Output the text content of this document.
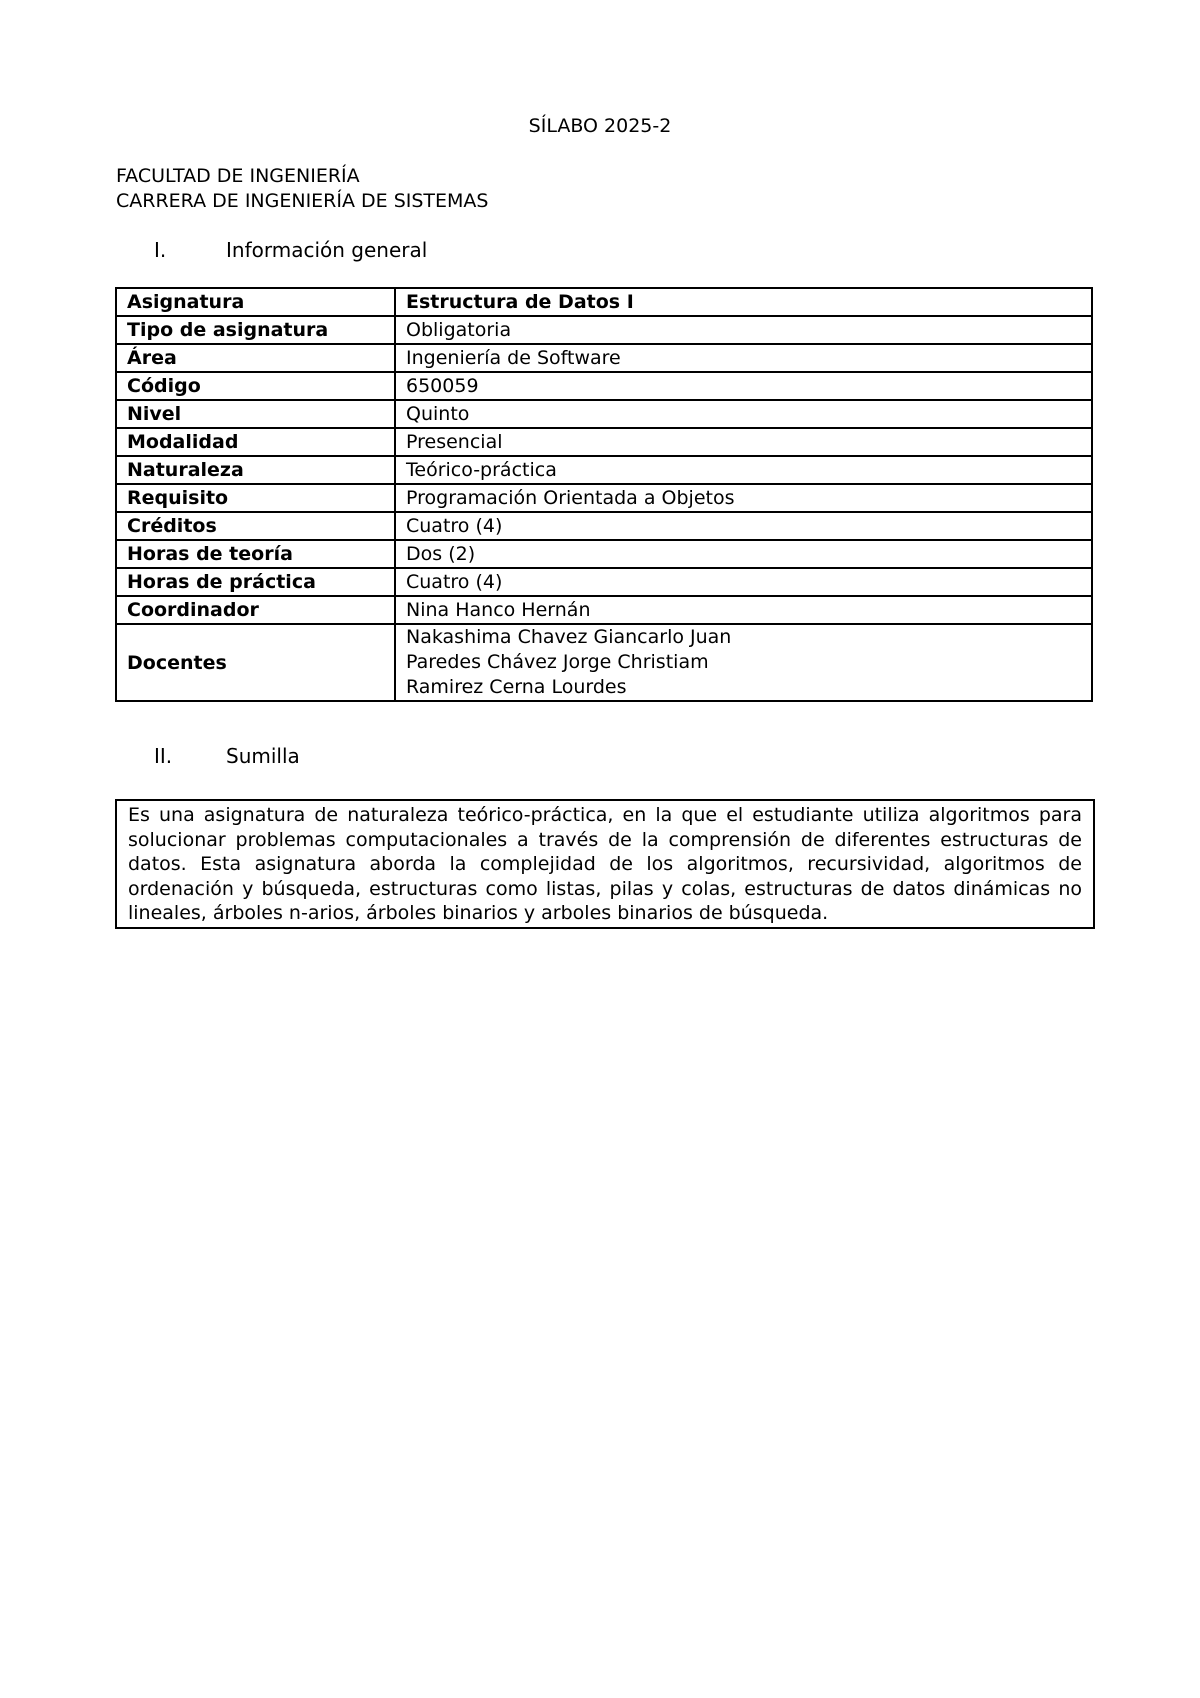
SÍLABO 2025-2
FACULTAD DE INGENIERÍA
CARRERA DE INGENIERÍA DE SISTEMAS
I.	Información general
Asignatura	Estructura de Datos I
Tipo de asignatura	Obligatoria
Área	Ingeniería de Software
Código	650059
Nivel	Quinto
Modalidad	Presencial
Naturaleza	Teórico-práctica
Requisito	Programación Orientada a Objetos
Créditos	Cuatro (4)
Horas de teoría	Dos (2)
Horas de práctica	Cuatro (4)
Coordinador	Nina Hanco Hernán
Docentes	Nakashima Chavez Giancarlo Juan
Paredes Chávez Jorge Christiam
Ramirez Cerna Lourdes
II.	Sumilla
Es una asignatura de naturaleza teórico-práctica, en la que el estudiante utiliza algoritmos para solucionar problemas computacionales a través de la comprensión de diferentes estructuras de datos. Esta asignatura aborda la complejidad de los algoritmos, recursividad, algoritmos de ordenación y búsqueda, estructuras como listas, pilas y colas, estructuras de datos dinámicas no lineales, árboles n-arios, árboles binarios y arboles binarios de búsqueda.
